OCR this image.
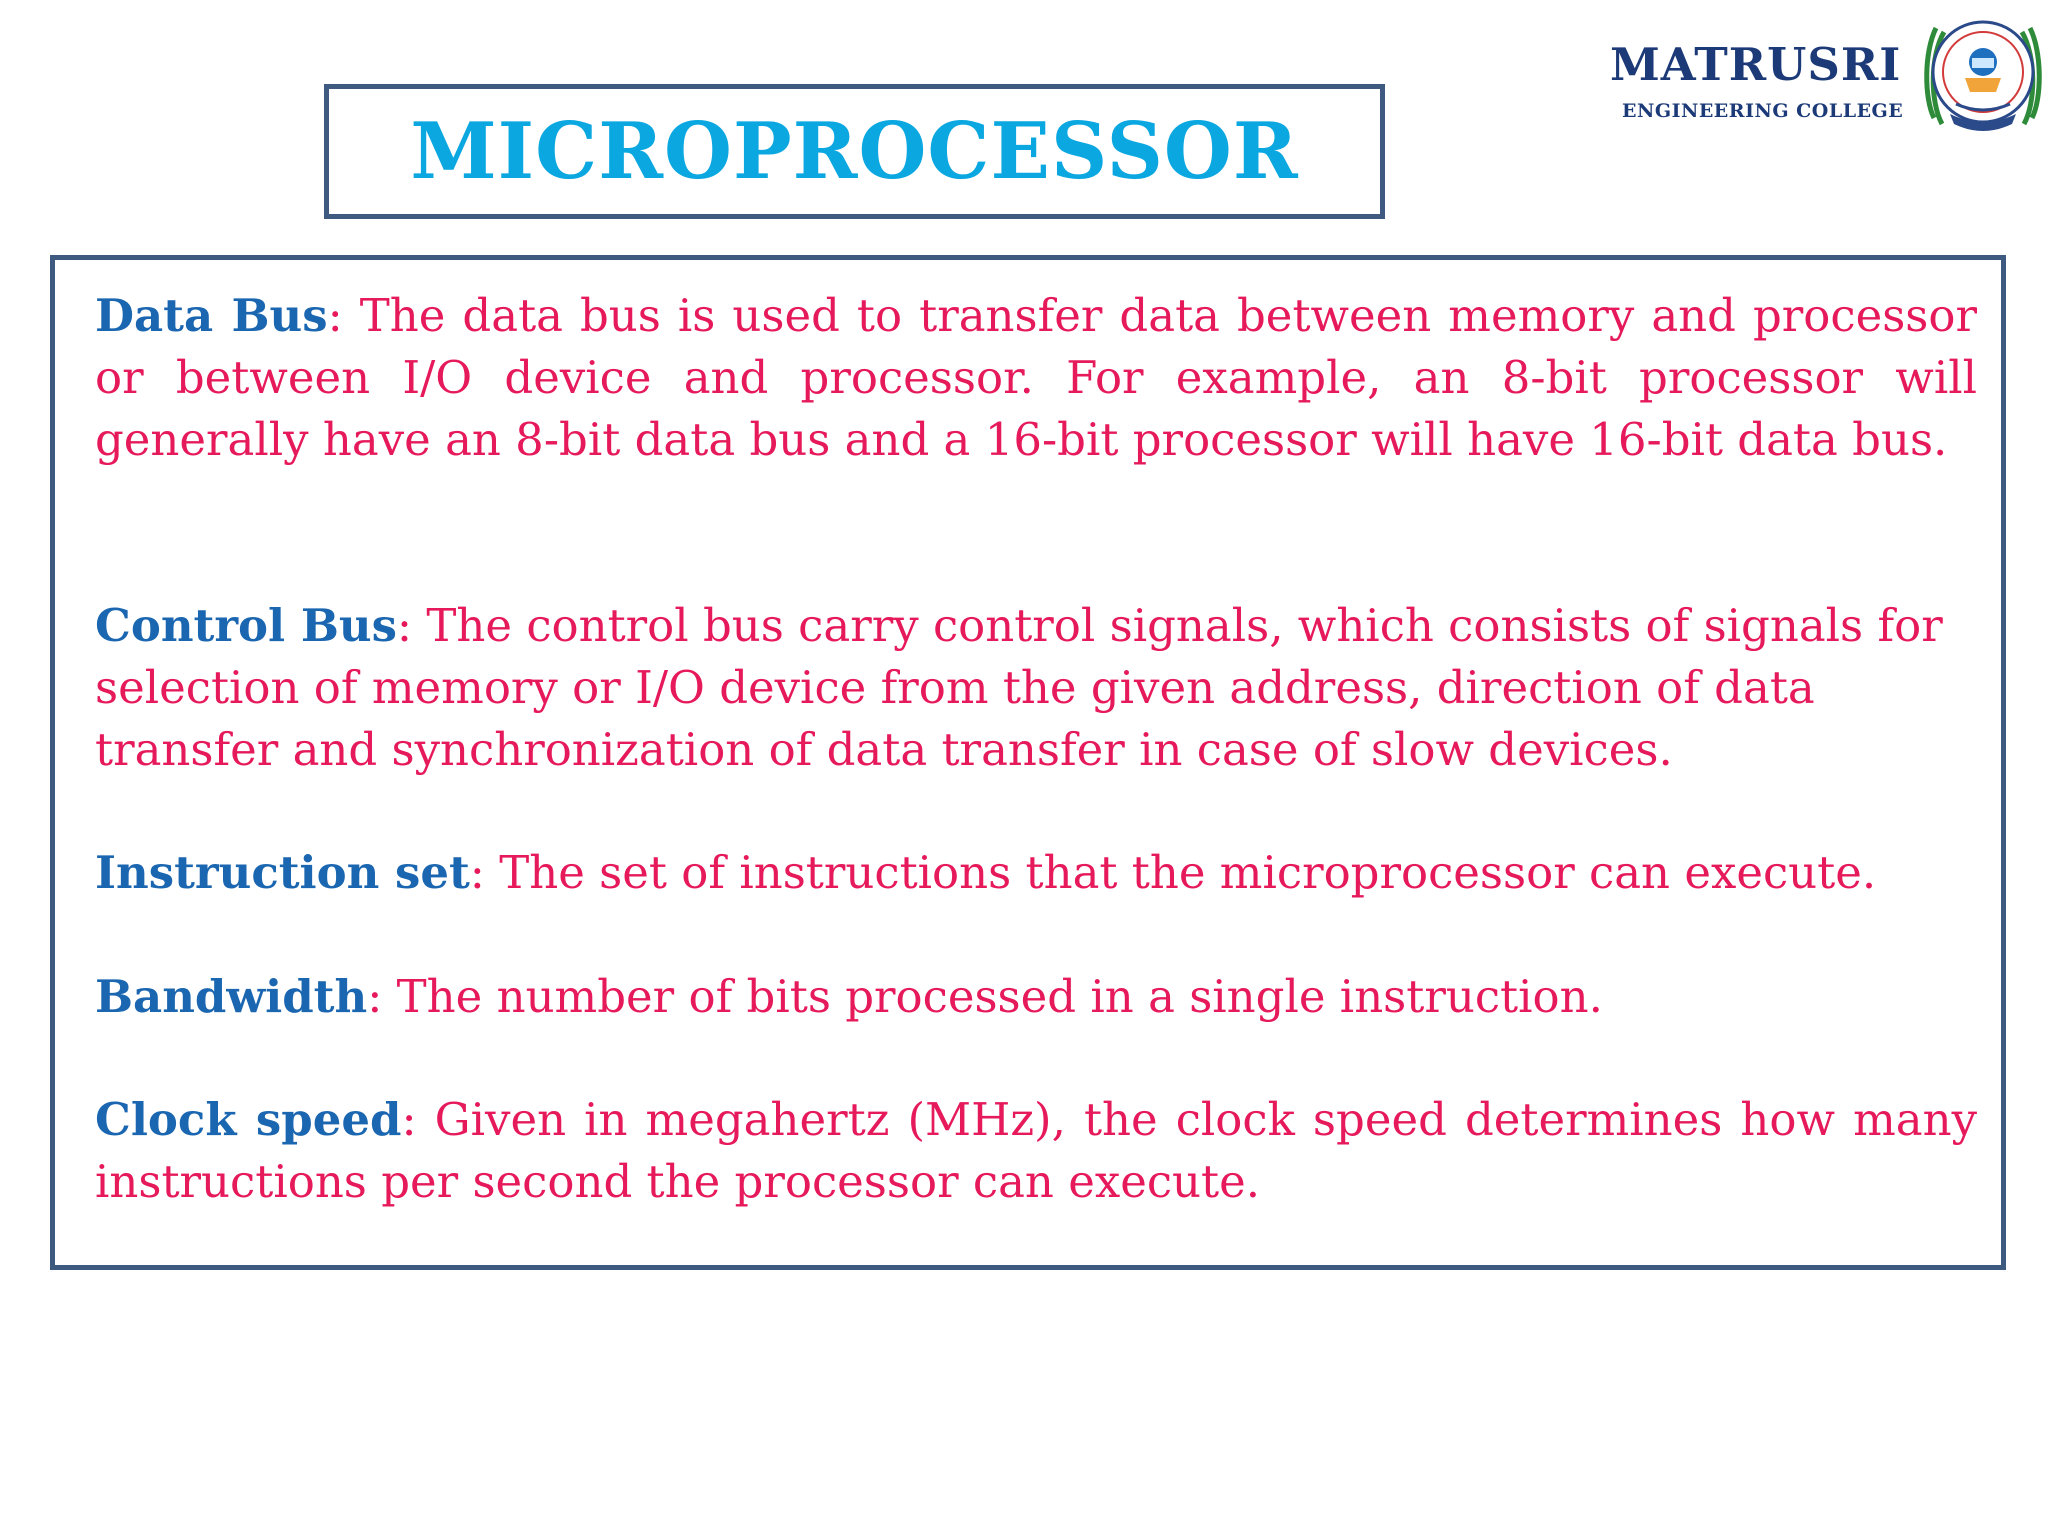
MICROPROCESSOR
MATRUSRI
ENGINEERING COLLEGE

Data Bus: The data bus is used to transfer data between memory and processor or between I/O device and processor. For example, an 8-bit processor will generally have an 8-bit data bus and a 16-bit processor will have 16-bit data bus.

Control Bus: The control bus carry control signals, which consists of signals for selection of memory or I/O device from the given address, direction of data transfer and synchronization of data transfer in case of slow devices.

Instruction set: The set of instructions that the microprocessor can execute.

Bandwidth: The number of bits processed in a single instruction.

Clock speed: Given in megahertz (MHz), the clock speed determines how many instructions per second the processor can execute.
